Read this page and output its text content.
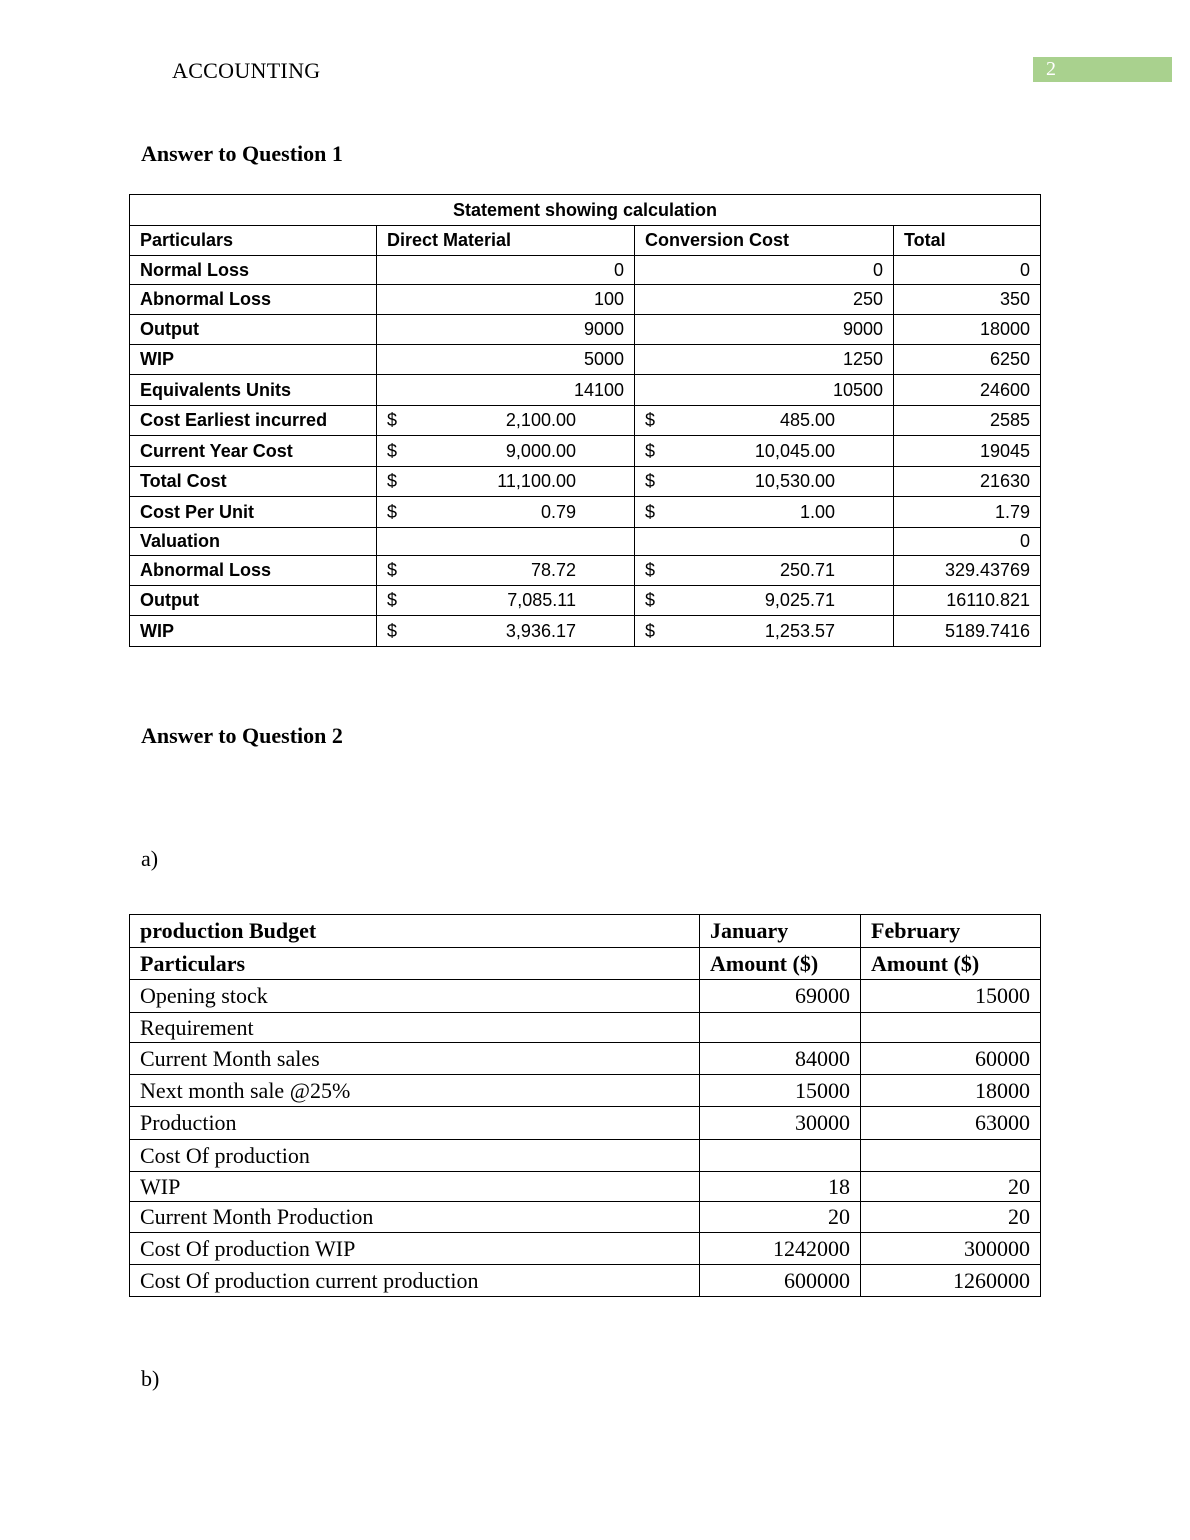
ACCOUNTING	2
Answer to Question 1
Statement showing calculation			
Particulars	Direct Material	Conversion Cost	Total
Normal Loss	0	0	0
Abnormal Loss	100	250	350
Output	9000	9000	18000
WIP	5000	1250	6250
Equivalents Units	14100	10500	24600
Cost Earliest incurred	$ 2,100.00	$ 485.00	2585
Current Year Cost	$ 9,000.00	$ 10,045.00	19045
Total Cost	$ 11,100.00	$ 10,530.00	21630
Cost Per Unit	$ 0.79	$ 1.00	1.79
Valuation			0
Abnormal Loss	$ 78.72	$ 250.71	329.43769
Output	$ 7,085.11	$ 9,025.71	16110.821
WIP	$ 3,936.17	$ 1,253.57	5189.7416
Answer to Question 2
a)
production Budget	January	February
Particulars	Amount ($)	Amount ($)
Opening stock	69000	15000
Requirement		
Current Month sales	84000	60000
Next month sale @25%	15000	18000
Production	30000	63000
Cost Of production		
WIP	18	20
Current Month Production	20	20
Cost Of production WIP	1242000	300000
Cost Of production current production	600000	1260000
b)
